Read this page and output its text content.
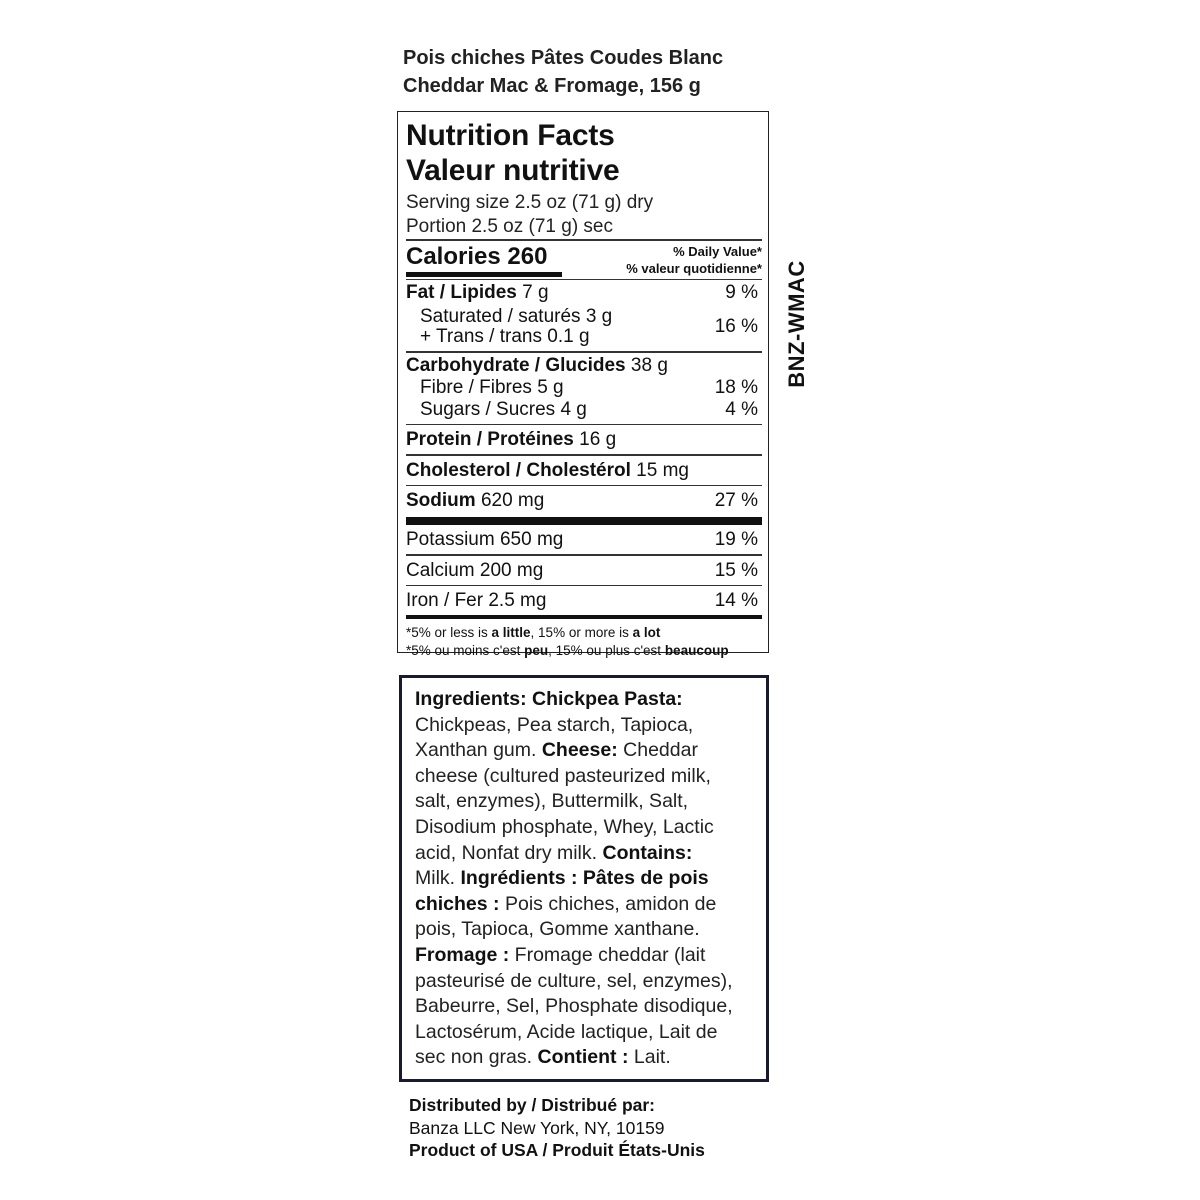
Pois chiches Pâtes Coudes Blanc
Cheddar Mac & Fromage, 156 g
Nutrition Facts
Valeur nutritive
Serving size 2.5 oz (71 g) dry
Portion 2.5 oz (71 g) sec
Calories 260	% Daily Value*
% valeur quotidienne*
Fat / Lipides 7 g	9 %
Saturated / saturés 3 g	16 %
+ Trans / trans 0.1 g
Carbohydrate / Glucides 38 g
Fibre / Fibres 5 g	18 %
Sugars / Sucres 4 g	4 %
Protein / Protéines 16 g
Cholesterol / Cholestérol 15 mg
Sodium 620 mg	27 %
Potassium 650 mg	19 %
Calcium 200 mg	15 %
Iron / Fer 2.5 mg	14 %
*5% or less is a little, 15% or more is a lot
*5% ou moins c'est peu, 15% ou plus c'est beaucoup
BNZ-WMAC
Ingredients: Chickpea Pasta:
Chickpeas, Pea starch, Tapioca,
Xanthan gum. Cheese: Cheddar
cheese (cultured pasteurized milk,
salt, enzymes), Buttermilk, Salt,
Disodium phosphate, Whey, Lactic
acid, Nonfat dry milk. Contains:
Milk. Ingrédients : Pâtes de pois
chiches : Pois chiches, amidon de
pois, Tapioca, Gomme xanthane.
Fromage : Fromage cheddar (lait
pasteurisé de culture, sel, enzymes),
Babeurre, Sel, Phosphate disodique,
Lactosérum, Acide lactique, Lait de
sec non gras. Contient : Lait.
Distributed by / Distribué par:
Banza LLC New York, NY, 10159
Product of USA / Produit États-Unis
